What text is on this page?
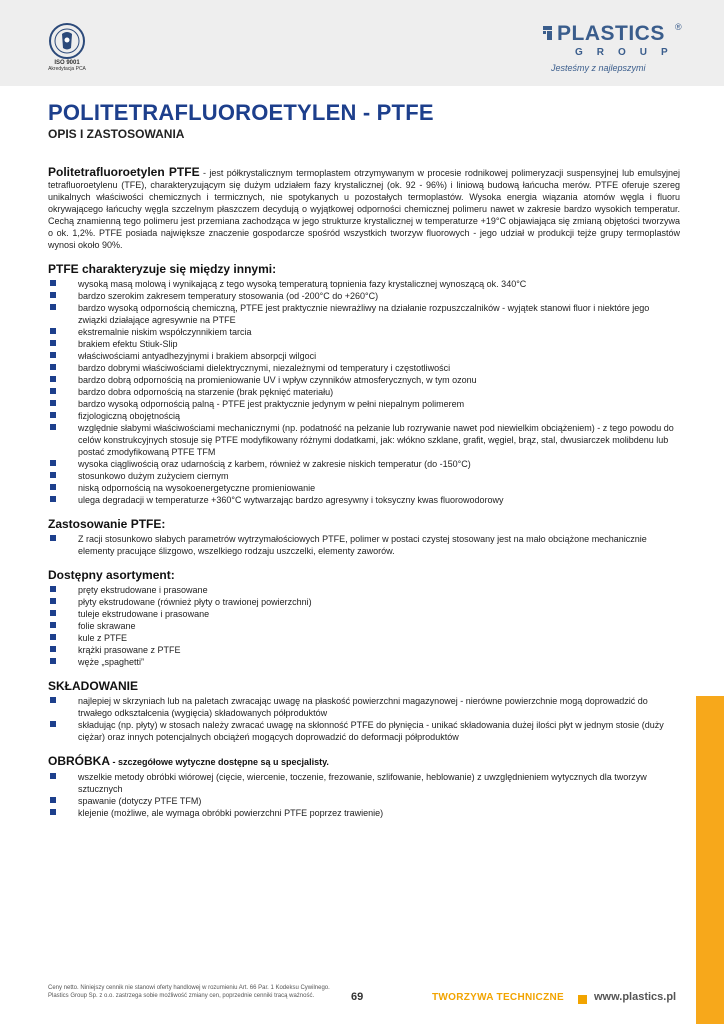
ISO 9001
Akredytacja PCA
PLASTICS ®
GROUP
Jesteśmy z najlepszymi
POLITETRAFLUOROETYLEN - PTFE
OPIS I ZASTOSOWANIA

Politetrafluoroetylen PTFE - jest półkrystalicznym termoplastem otrzymywanym w procesie rodnikowej polimeryzacji suspensyjnej lub emulsyjnej tetrafluoroetylenu (TFE), charakteryzującym się dużym udziałem fazy krystalicznej (ok. 92 - 96%) i liniową budową łańcucha merów. PTFE oferuje szereg unikalnych właściwości chemicznych i termicznych, nie spotykanych u pozostałych termoplastów. Wysoka energia wiązania atomów węgla i fluoru okrywającego łańcuchy węgla szczelnym płaszczem decydują o wyjątkowej odporności chemicznej polimeru nawet w zakresie bardzo wysokich temperatur. Cechą znamienną tego polimeru jest przemiana zachodząca w jego strukturze krystalicznej w temperaturze +19°C objawiająca się zmianą objętości tworzywa o ok. 1,2%. PTFE posiada największe znaczenie gospodarcze spośród wszystkich tworzyw fluorowych - jego udział w produkcji tejże grupy termoplastów wynosi około 90%.

PTFE charakteryzuje się między innymi:
wysoką masą molową i wynikającą z tego wysoką temperaturą topnienia fazy krystalicznej wynoszącą ok. 340°C
bardzo szerokim zakresem temperatury stosowania (od -200°C do +260°C)
bardzo wysoką odpornością chemiczną, PTFE jest praktycznie niewrażliwy na działanie rozpuszczalników - wyjątek stanowi fluor i niektóre jego związki działające agresywnie na PTFE
ekstremalnie niskim współczynnikiem tarcia
brakiem efektu Stiuk-Slip
właściwościami antyadhezyjnymi i brakiem absorpcji wilgoci
bardzo dobrymi właściwościami dielektrycznymi, niezależnymi od temperatury i częstotliwości
bardzo dobrą odpornością na promieniowanie UV i wpływ czynników atmosferycznych, w tym ozonu
bardzo dobra odpornością na starzenie (brak pęknięć materiału)
bardzo wysoką odpornością palną - PTFE jest praktycznie jedynym w pełni niepalnym polimerem
fizjologiczną obojętnością
względnie słabymi właściwościami mechanicznymi (np. podatność na pełzanie lub rozrywanie nawet pod niewielkim obciążeniem) - z tego powodu do celów konstrukcyjnych stosuje się PTFE modyfikowany różnymi dodatkami, jak: włókno szklane, grafit, węgiel, brąz, stal, dwusiarczek molibdenu lub postać zmodyfikowaną PTFE TFM
wysoka ciągliwością oraz udarnością z karbem, również w zakresie niskich temperatur (do -150°C)
stosunkowo dużym zużyciem ciernym
niską odpornością na wysokoenergetyczne promieniowanie
ulega degradacji w temperaturze +360°C wytwarzając bardzo agresywny i toksyczny kwas fluorowodorowy
Zastosowanie PTFE:
Z racji stosunkowo słabych parametrów wytrzymałościowych PTFE, polimer w postaci czystej stosowany jest na mało obciążone mechanicznie elementy pracujące ślizgowo, wszelkiego rodzaju uszczelki, elementy zaworów.
Dostępny asortyment:
pręty ekstrudowane i prasowane
płyty ekstrudowane (również płyty o trawionej powierzchni)
tuleje ekstrudowane i prasowane
folie skrawane
kule z PTFE
krążki prasowane z PTFE
węże „spaghetti”
SKŁADOWANIE
najlepiej w skrzyniach lub na paletach zwracając uwagę na płaskość powierzchni magazynowej - nierówne powierzchnie mogą doprowadzić do trwałego odkształcenia (wygięcia) składowanych półproduktów
składując (np. płyty) w stosach należy zwracać uwagę na skłonność PTFE do płynięcia - unikać składowania dużej ilości płyt w jednym stosie (duży ciężar) oraz innych potencjalnych obciążeń mogących doprowadzić do deformacji półproduktów
OBRÓBKA - szczegółowe wytyczne dostępne są u specjalisty.
wszelkie metody obróbki wiórowej (cięcie, wiercenie, toczenie, frezowanie, szlifowanie, heblowanie) z uwzględnieniem wytycznych dla tworzyw sztucznych
spawanie (dotyczy PTFE TFM)
klejenie (możliwe, ale wymaga obróbki powierzchni PTFE poprzez trawienie)
Ceny netto. Niniejszy cennik nie stanowi oferty handlowej w rozumieniu Art. 66 Par. 1 Kodeksu Cywilnego.
Plastics Group Sp. z o.o. zastrzega sobie możliwość zmiany cen, poprzednie cenniki tracą ważność.	69	TWORZYWA TECHNICZNE	www.plastics.pl
